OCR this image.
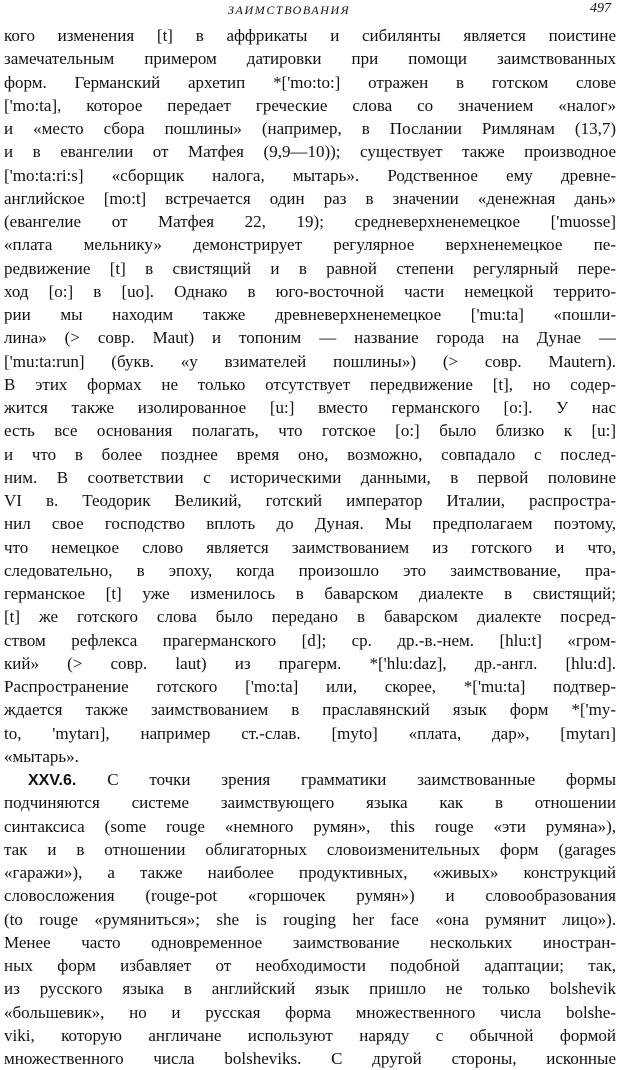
ЗАИМСТВОВАНИЯ	497
кого изменения [t] в аффрикаты и сибилянты является поистине
замечательным примером датировки при помощи заимствованных
форм. Германский архетип *['mo:to:] отражен в готском слове
['mo:ta], которое передает греческие слова со значением «налог»
и «место сбора пошлины» (например, в Послании Римлянам (13,7)
и в евангелии от Матфея (9,9—10)); существует также производное
['mo:ta:ri:s] «сборщик налога, мытарь». Родственное ему древне-
английское [mo:t] встречается один раз в значении «денежная дань»
(евангелие от Матфея 22, 19); средневерхненемецкое ['muosse]
«плата мельнику» демонстрирует регулярное верхненемецкое пе-
редвижение [t] в свистящий и в равной степени регулярный пере-
ход [o:] в [uo]. Однако в юго-восточной части немецкой террито-
рии мы находим также древневерхненемецкое ['mu:ta] «пошли-
лина» (> совр. Maut) и топоним — название города на Дунае —
['mu:ta:run] (букв. «у взимателей пошлины») (> совр. Mautern).
В этих формах не только отсутствует передвижение [t], но содер-
жится также изолированное [u:] вместо германского [o:]. У нас
есть все основания полагать, что готское [o:] было близко к [u:]
и что в более позднее время оно, возможно, совпадало с послед-
ним. В соответствии с историческими данными, в первой половине
VI в. Теодорик Великий, готский император Италии, распростра-
нил свое господство вплоть до Дуная. Мы предполагаем поэтому,
что немецкое слово является заимствованием из готского и что,
следовательно, в эпоху, когда произошло это заимствование, пра-
германское [t] уже изменилось в баварском диалекте в свистящий;
[t] же готского слова было передано в баварском диалекте посред-
ством рефлекса прагерманского [d]; ср. др.-в.-нем. [hlu:t] «гром-
кий» (> совр. laut) из прагерм. *['hlu:daz], др.-англ. [hlu:d].
Распространение готского ['mo:ta] или, скорее, *['mu:ta] подтвер-
ждается также заимствованием в праславянский язык форм *['my-
to, 'mytarı], например ст.-слав. [myto] «плата, дар», [mytarı]
«мытарь».
XXV.6. С точки зрения грамматики заимствованные формы
подчиняются системе заимствующего языка как в отношении
синтаксиса (some rouge «немного румян», this rouge «эти румяна»),
так и в отношении облигаторных словоизменительных форм (garages
«гаражи»), а также наиболее продуктивных, «живых» конструкций
словосложения (rouge-pot «горшочек румян») и словообразования
(to rouge «румяниться»; she is rouging her face «она румянит лицо»).
Менее часто одновременное заимствование нескольких иностран-
ных форм избавляет от необходимости подобной адаптации; так,
из русского языка в английский язык пришло не только bolshevik
«большевик», но и русская форма множественного числа bolshe-
viki, которую англичане используют наряду с обычной формой
множественного числа bolsheviks. С другой стороны, исконные
